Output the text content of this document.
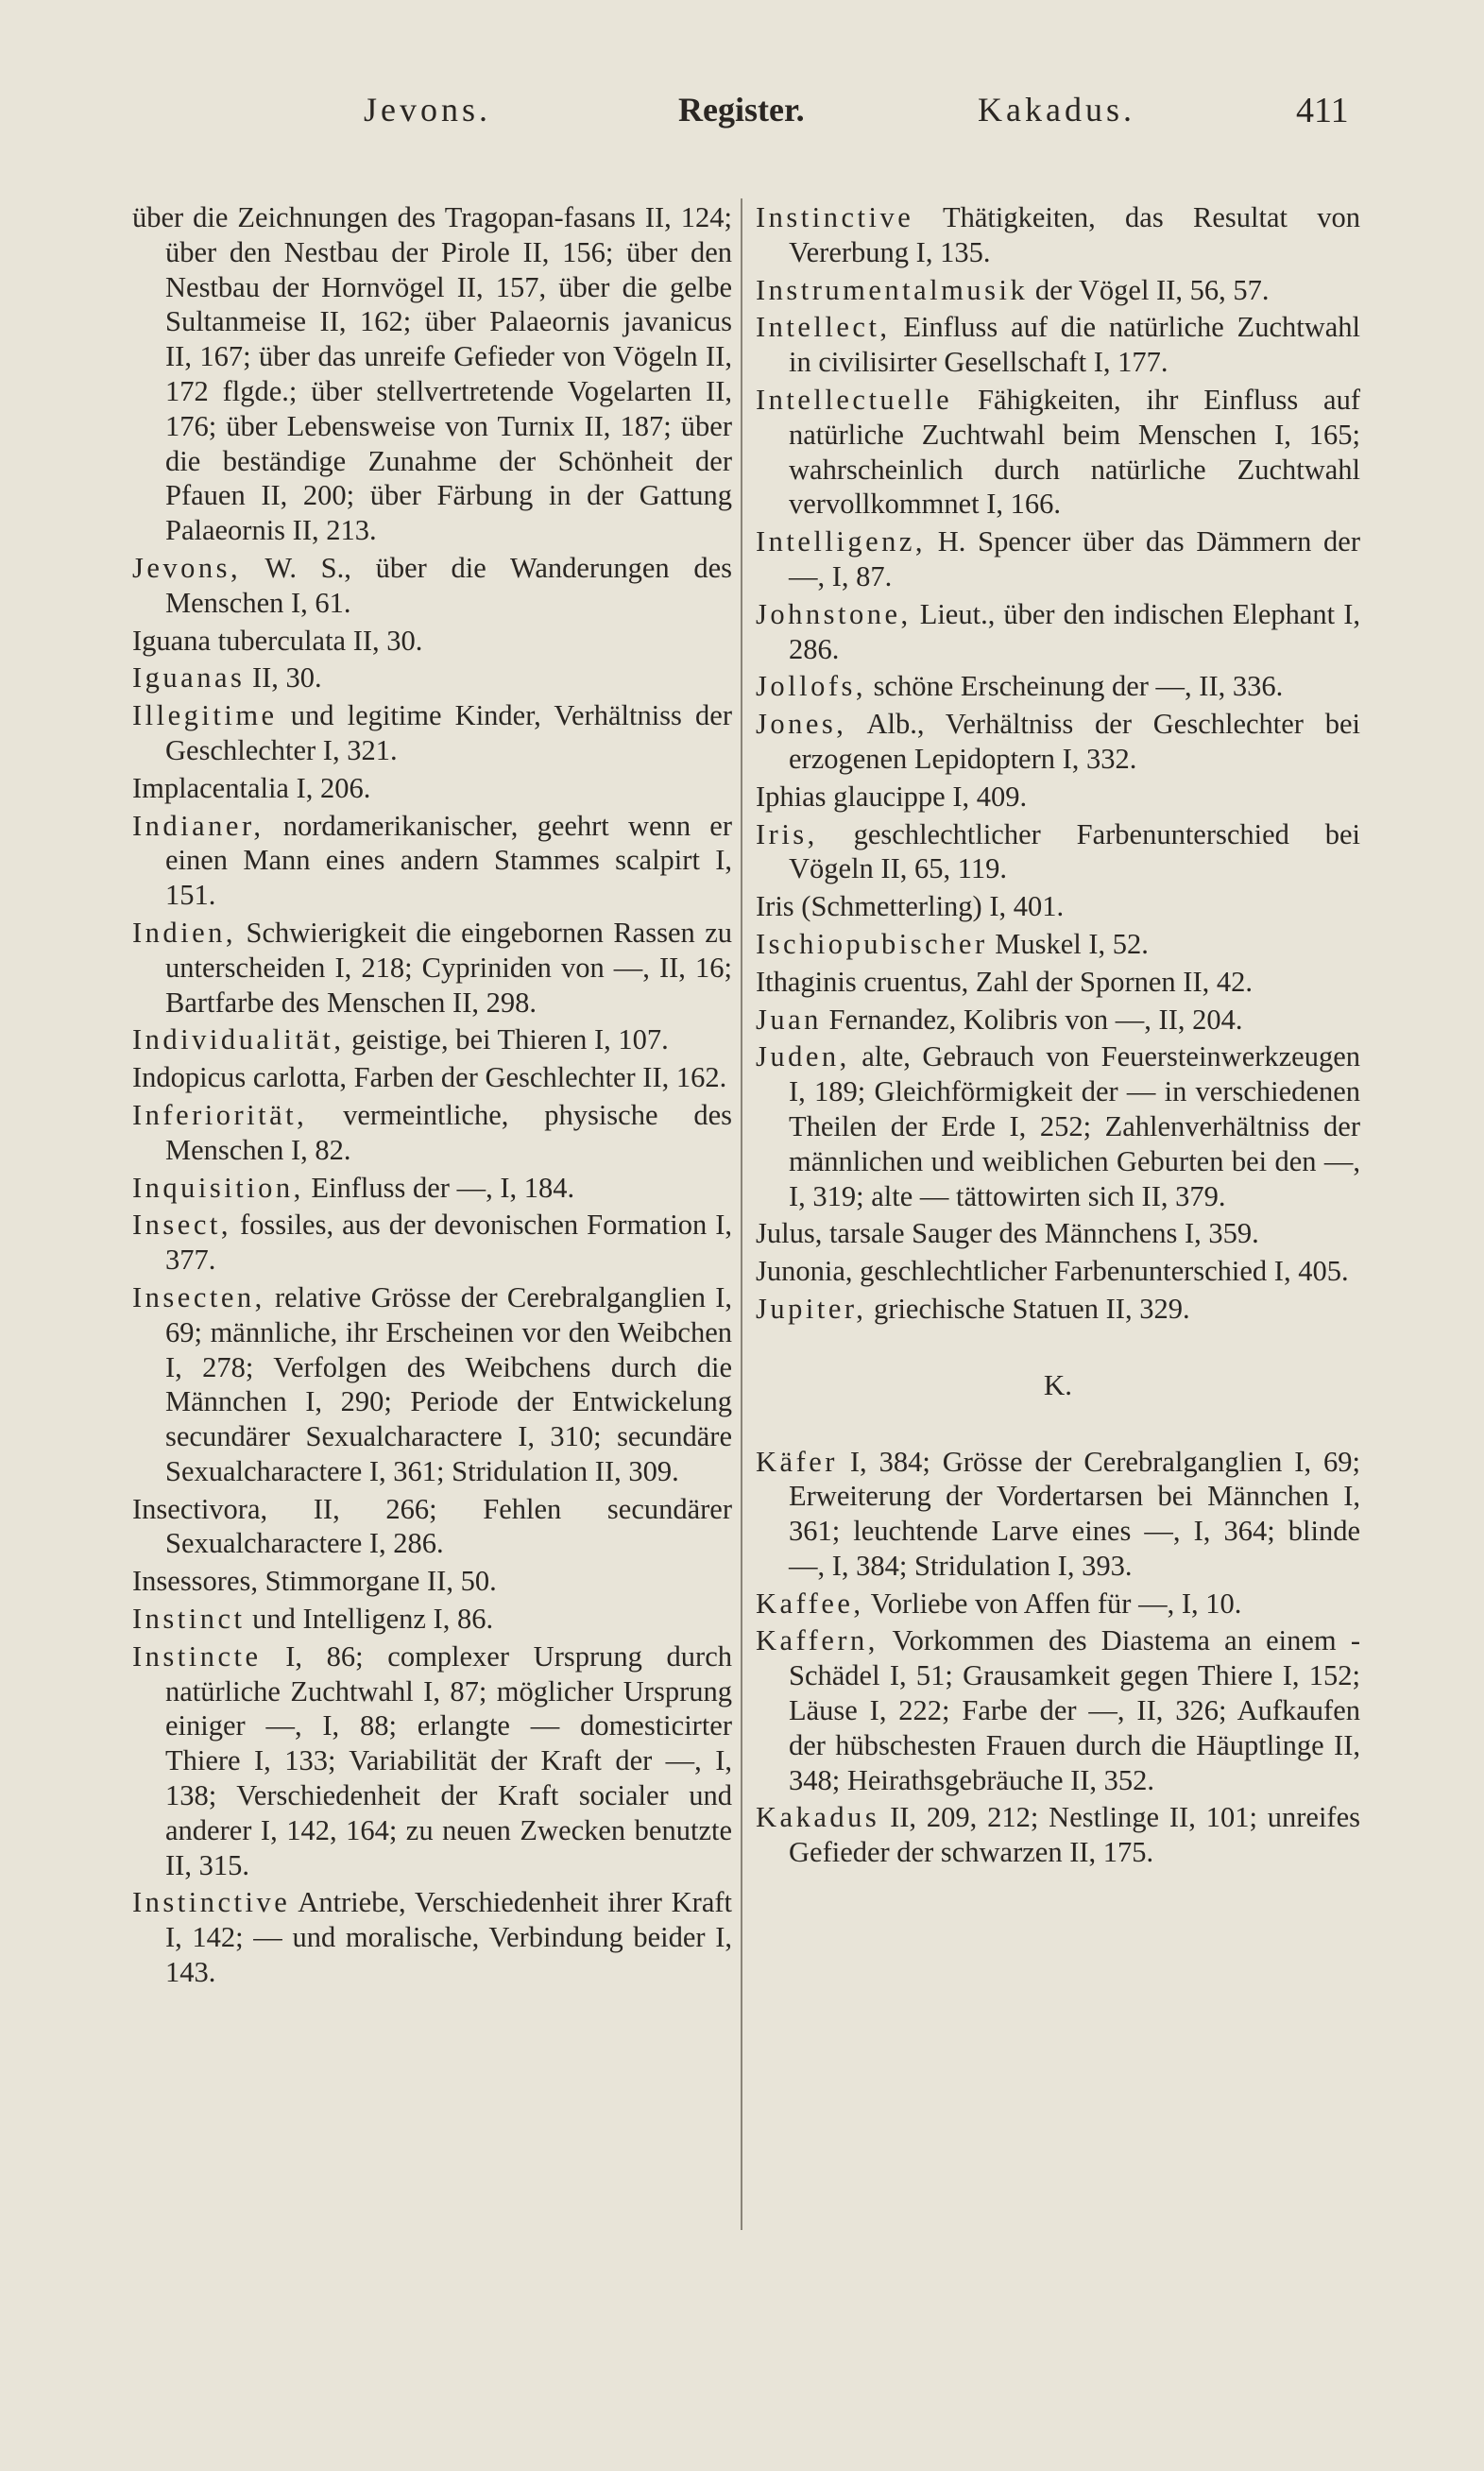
Jevons.	Register.	Kakadus.	411

über die Zeichnungen des Tragopan-fasans II, 124; über den Nestbau der Pirole II, 156; über den Nestbau der Hornvögel II, 157, über die gelbe Sultanmeise II, 162; über Palaeornis javanicus II, 167; über das unreife Gefieder von Vögeln II, 172 flgde.; über stellvertretende Vogelarten II, 176; über Lebensweise von Turnix II, 187; über die beständige Zunahme der Schönheit der Pfauen II, 200; über Färbung in der Gattung Palaeornis II, 213.

Jevons, W. S., über die Wanderungen des Menschen I, 61.

Iguana tuberculata II, 30.

Iguanas II, 30.

Illegitime und legitime Kinder, Verhältniss der Geschlechter I, 321.

Implacentalia I, 206.

Indianer, nordamerikanischer, geehrt wenn er einen Mann eines andern Stammes scalpirt I, 151.

Indien, Schwierigkeit die eingebornen Rassen zu unterscheiden I, 218; Cypriniden von —, II, 16; Bartfarbe des Menschen II, 298.

Individualität, geistige, bei Thieren I, 107.

Indopicus carlotta, Farben der Geschlechter II, 162.

Inferiorität, vermeintliche, physische des Menschen I, 82.

Inquisition, Einfluss der —, I, 184.

Insect, fossiles, aus der devonischen Formation I, 377.

Insecten, relative Grösse der Cerebralganglien I, 69; männliche, ihr Erscheinen vor den Weibchen I, 278; Verfolgen des Weibchens durch die Männchen I, 290; Periode der Entwickelung secundärer Sexualcharactere I, 310; secundäre Sexualcharactere I, 361; Stridulation II, 309.

Insectivora, II, 266; Fehlen secundärer Sexualcharactere I, 286.

Insessores, Stimmorgane II, 50.

Instinct und Intelligenz I, 86.

Instincte I, 86; complexer Ursprung durch natürliche Zuchtwahl I, 87; möglicher Ursprung einiger —, I, 88; erlangte — domesticirter Thiere I, 133; Variabilität der Kraft der —, I, 138; Verschiedenheit der Kraft socialer und anderer I, 142, 164; zu neuen Zwecken benutzte II, 315.

Instinctive Antriebe, Verschiedenheit ihrer Kraft I, 142; — und moralische, Verbindung beider I, 143.

Instinctive Thätigkeiten, das Resultat von Vererbung I, 135.

Instrumentalmusik der Vögel II, 56, 57.

Intellect, Einfluss auf die natürliche Zuchtwahl in civilisirter Gesellschaft I, 177.

Intellectuelle Fähigkeiten, ihr Einfluss auf natürliche Zuchtwahl beim Menschen I, 165; wahrscheinlich durch natürliche Zuchtwahl vervollkommnet I, 166.

Intelligenz, H. Spencer über das Dämmern der —, I, 87.

Johnstone, Lieut., über den indischen Elephant I, 286.

Jollofs, schöne Erscheinung der —, II, 336.

Jones, Alb., Verhältniss der Geschlechter bei erzogenen Lepidoptern I, 332.

Iphias glaucippe I, 409.

Iris, geschlechtlicher Farbenunterschied bei Vögeln II, 65, 119.

Iris (Schmetterling) I, 401.

Ischiopubischer Muskel I, 52.

Ithaginis cruentus, Zahl der Spornen II, 42.

Juan Fernandez, Kolibris von —, II, 204.

Juden, alte, Gebrauch von Feuersteinwerkzeugen I, 189; Gleichförmigkeit der — in verschiedenen Theilen der Erde I, 252; Zahlenverhältniss der männlichen und weiblichen Geburten bei den —, I, 319; alte — tättowirten sich II, 379.

Julus, tarsale Sauger des Männchens I, 359.

Junonia, geschlechtlicher Farbenunterschied I, 405.

Jupiter, griechische Statuen II, 329.

K.

Käfer I, 384; Grösse der Cerebralganglien I, 69; Erweiterung der Vordertarsen bei Männchen I, 361; leuchtende Larve eines —, I, 364; blinde —, I, 384; Stridulation I, 393.

Kaffee, Vorliebe von Affen für —, I, 10.

Kaffern, Vorkommen des Diastema an einem -Schädel I, 51; Grausamkeit gegen Thiere I, 152; Läuse I, 222; Farbe der —, II, 326; Aufkaufen der hübschesten Frauen durch die Häuptlinge II, 348; Heirathsgebräuche II, 352.

Kakadus II, 209, 212; Nestlinge II, 101; unreifes Gefieder der schwarzen II, 175.
